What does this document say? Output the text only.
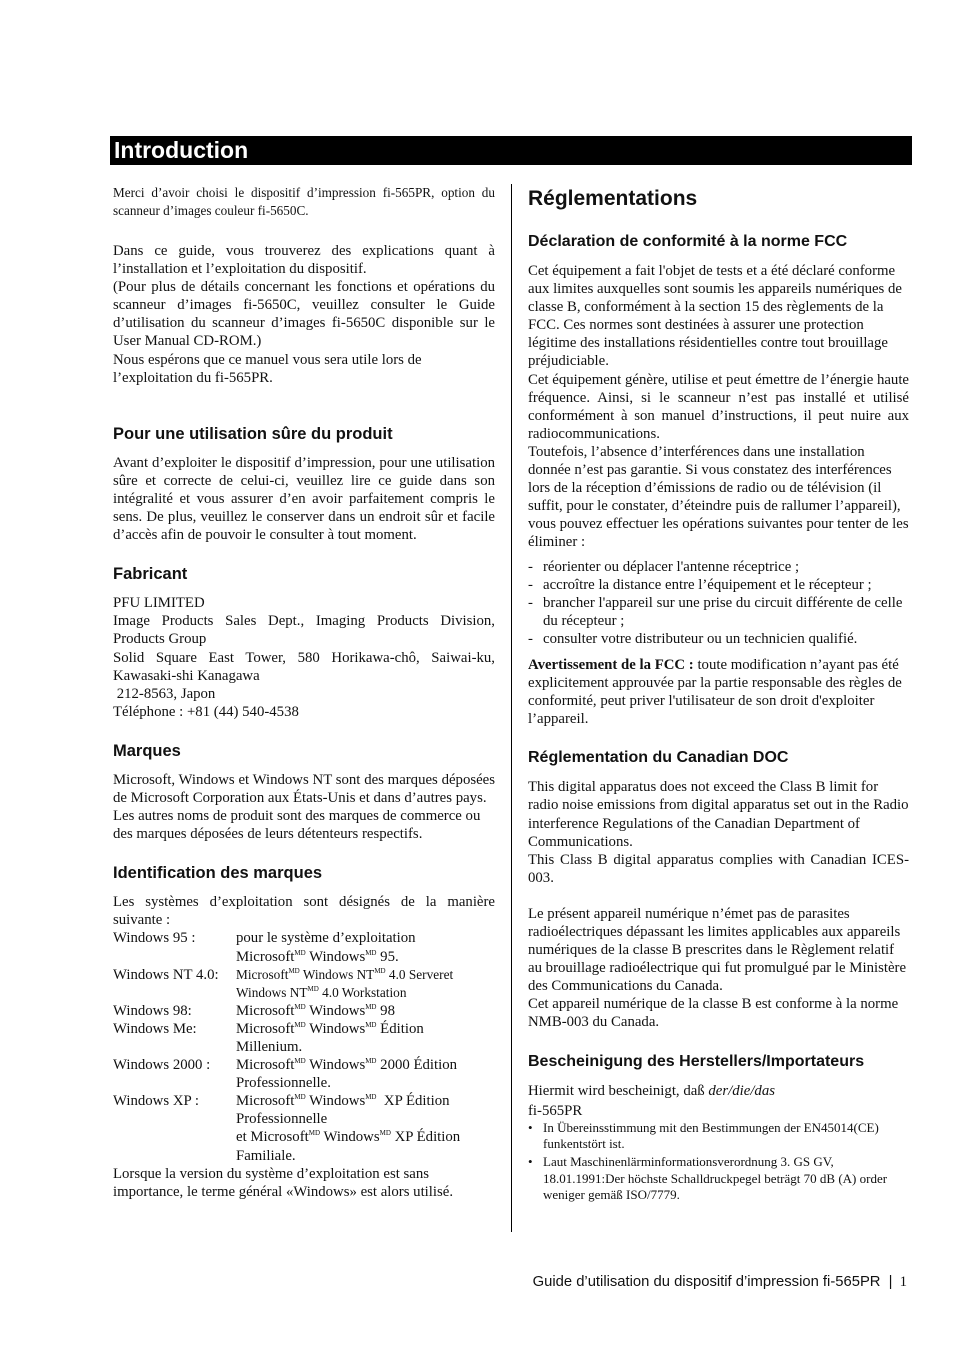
Introduction

Merci d’avoir choisi le dispositif d’impression fi-565PR, option du scanneur d’images couleur fi-5650C.

Dans ce guide, vous trouverez des explications quant à l’installation et l’exploitation du dispositif.

(Pour plus de détails concernant les fonctions et opérations du scanneur d’images fi-5650C, veuillez consulter le Guide d’utilisation du scanneur d’images fi-5650C disponible sur le User Manual CD-ROM.)

Nous espérons que ce manuel vous sera utile lors de l’exploitation du fi-565PR.

Pour une utilisation sûre du produit

Avant d’exploiter le dispositif d’impression, pour une utilisation sûre et correcte de celui-ci, veuillez lire ce guide dans son intégralité et vous assurer d’en avoir parfaitement compris le sens. De plus, veuillez le conserver dans un endroit sûr et facile d’accès afin de pouvoir le consulter à tout moment.

Fabricant

PFU LIMITED

Image Products Sales Dept., Imaging Products Division, Products Group

Solid Square East Tower, 580 Horikawa-chô, Saiwai-ku, Kawasaki-shi Kanagawa

212-8563, Japon

Téléphone : +81 (44) 540-4538

Marques

Microsoft, Windows et Windows NT sont des marques déposées de Microsoft Corporation aux États-Unis et dans d’autres pays.

Les autres noms de produit sont des marques de commerce ou des marques déposées de leurs détenteurs respectifs.

Identification des marques

Les systèmes d’exploitation sont désignés de la manière suivante :

Windows 95 :	pour le système d’exploitation
Microsoft$^{MD}$ Windows$^{MD}$ 95.
Windows NT 4.0:	Microsoft$^{MD}$ Windows $NT^{MD}$ 4.0 Serveret
Windows $NT^{MD}$ 4.0 Workstation
Windows 98:	Microsoft$^{MD}$ Windows$^{MD}$ 98
Windows Me:	Microsoft$^{MD}$ Windows$^{MD}$ Édition Millenium.
Windows 2000 :	Microsoft$^{MD}$ Windows$^{MD}$ 2000 Édition Professionnelle.
Windows XP :	Microsoft$^{MD}$ Windows$^{MD}$  XP Édition Professionnelle
et Microsoft$^{MD}$ Windows$^{MD}$ XP Édition Familiale.

Lorsque la version du système d’exploitation est sans importance, le terme général «Windows» est alors utilisé.

Réglementations
Déclaration de conformité à la norme FCC

Cet équipement a fait l'objet de tests et a été déclaré conforme aux limites auxquelles sont soumis les appareils numériques de classe B, conformément à la section 15 des règlements de la FCC. Ces normes sont destinées à assurer une protection légitime des installations résidentielles contre tout brouillage préjudiciable.

Cet équipement génère, utilise et peut émettre de l’énergie haute fréquence. Ainsi, si le scanneur n’est pas installé et utilisé conformément à son manuel d’instructions, il peut nuire aux radiocommunications.

Toutefois, l’absence d’interférences dans une installation donnée n’est pas garantie. Si vous constatez des interférences lors de la réception d’émissions de radio ou de télévision (il suffit, pour le constater, d’éteindre puis de rallumer l’appareil), vous pouvez effectuer les opérations suivantes pour tenter de les éliminer :

- réorienter ou déplacer l'antenne réceptrice ;
- accroître la distance entre l’équipement et le récepteur ;
- brancher l'appareil sur une prise du circuit différente de celle du récepteur ;
- consulter votre distributeur ou un technicien qualifié.

Avertissement de la FCC : toute modification n’ayant pas été explicitement approuvée par la partie responsable des règles de conformité, peut priver l'utilisateur de son droit d'exploiter l’appareil.

Réglementation du Canadian DOC

This digital apparatus does not exceed the Class B limit for radio noise emissions from digital apparatus set out in the Radio interference Regulations of the Canadian Department of Communications.

This Class B digital apparatus complies with Canadian ICES-003.

Le présent appareil numérique n’émet pas de parasites radioélectriques dépassant les limites applicables aux appareils numériques de la classe B prescrites dans le Règlement relatif au brouillage radioélectrique qui fut promulgué par le Ministère des Communications du Canada.

Cet appareil numérique de la classe B est conforme à la norme NMB-003 du Canada.

Bescheinigung des Herstellers/Importateurs

Hiermit wird bescheinigt, daß der/die/das

fi-565PR

• In Übereinsstimmung mit den Bestimmungen der EN45014(CE) funkentstört ist.
• Laut Maschinenlärminformationsverordnung 3. GS GV, 18.01.1991:Der höchste Schalldruckpegel beträgt 70 dB (A) order weniger gemäß ISO/7779.
Guide d’utilisation du dispositif d’impression fi-565PR | 1
